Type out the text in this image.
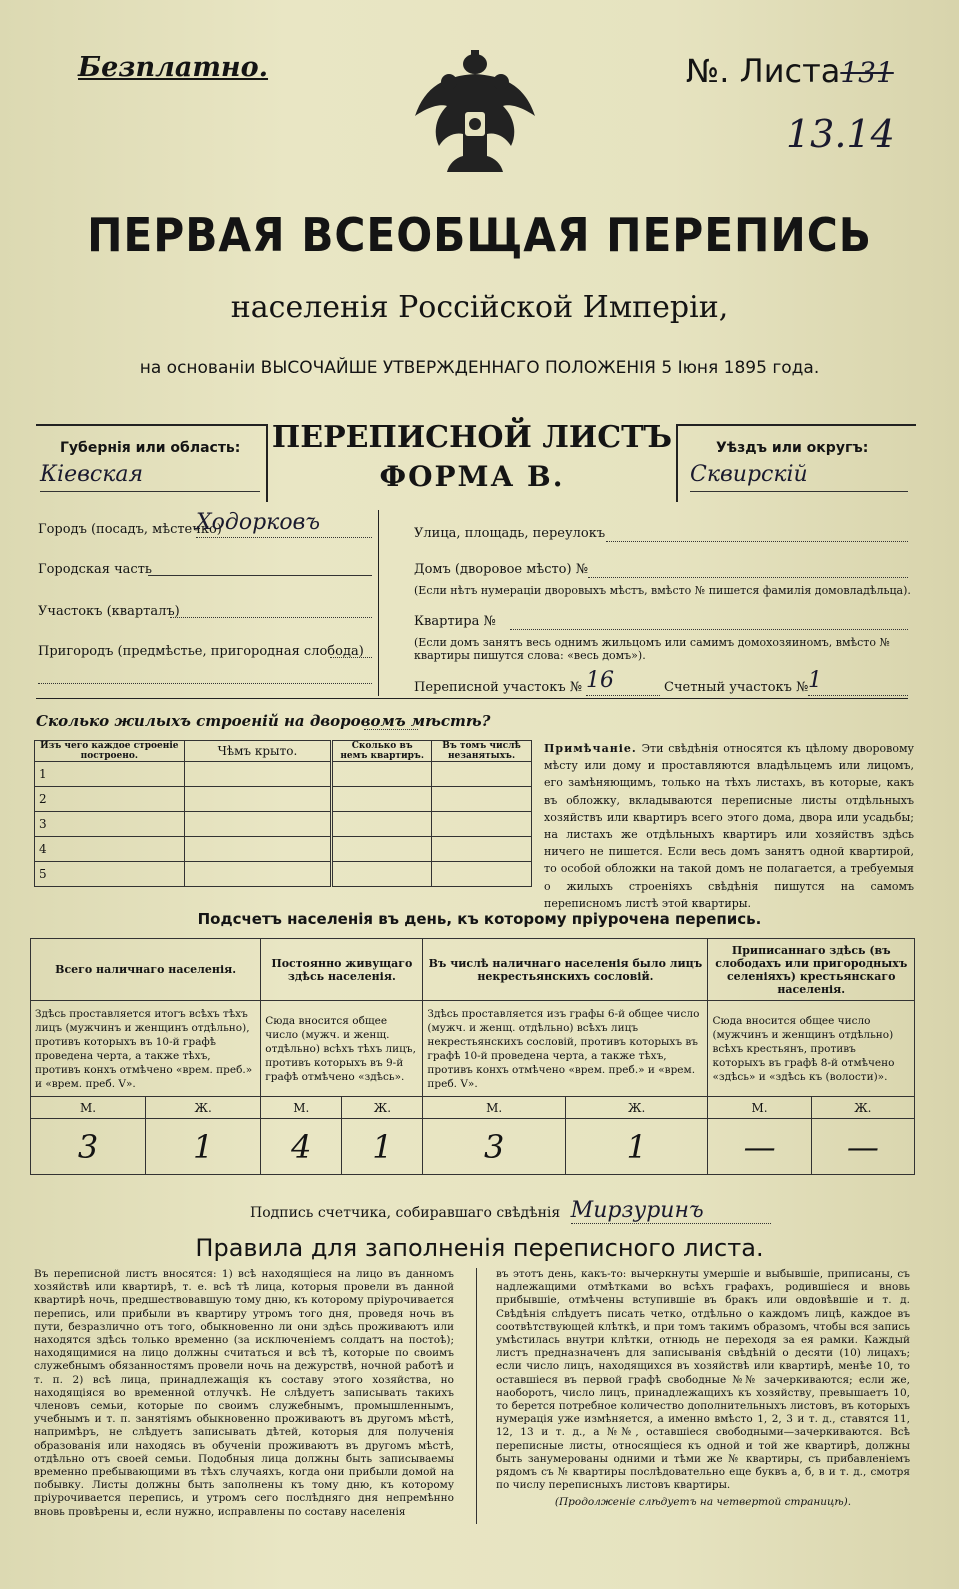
Безплатно.	№. Листа131
13.14
ПЕРВАЯ ВСЕОБЩАЯ ПЕРЕПИСЬ
населенія Россійской Имперіи,
на основаніи ВЫСОЧАЙШЕ УТВЕРЖДЕННАГО ПОЛОЖЕНІЯ 5 Іюня 1895 года.
Губернія или область:
Кіевская
ПЕРЕПИСНОЙ ЛИСТЪ
ФОРМА В.
Уѣздъ или округъ:
Сквирскій
Городъ (посадъ, мѣстечко)
Ходорковъ
Городская часть
Участокъ (кварталъ)
Пригородъ (предмѣстье, пригородная слобода)
Улица, площадь, переулокъ
Домъ (дворовое мѣсто) №
(Если нѣтъ нумераціи дворовыхъ мѣстъ, вмѣсто № пишется фамилія домовладѣльца).
Квартира №
(Если домъ занятъ весь однимъ жильцомъ или самимъ домохозяиномъ, вмѣсто № квартиры пишутся слова: «весь домъ»).
Переписной участокъ № 16	Счетный участокъ № 1
Сколько жилыхъ строеній на дворовомъ мѣстѣ?
Изъ чего каждое строеніе построено.	Чѣмъ крыто.	Сколько въ немъ квартиръ.	Въ томъ числѣ незанятыхъ.
1			
2			
3			
4			
5			
Примѣчаніе. Эти свѣдѣнія относятся къ цѣлому дворовому мѣсту или дому и проставляются владѣльцемъ или лицомъ, его замѣняющимъ, только на тѣхъ листахъ, въ которые, какъ въ обложку, вкладываются переписные листы отдѣльныхъ хозяйствъ или квартиръ всего этого дома, двора или усадьбы; на листахъ же отдѣльныхъ квартиръ или хозяйствъ здѣсь ничего не пишется. Если весь домъ занятъ одной квартирой, то особой обложки на такой домъ не полагается, а требуемыя о жилыхъ строеніяхъ свѣдѣнія пишутся на самомъ переписномъ листѣ этой квартиры.
Подсчетъ населенія въ день, къ которому пріурочена перепись.
Всего наличнаго населенія.		Постоянно живущаго здѣсь населенія.		Въ числѣ наличнаго населенія было лицъ некрестьянскихъ сословій.		Приписаннаго здѣсь (въ слободахъ или пригородныхъ селеніяхъ) крестьянскаго населенія.	
Здѣсь проставляется итогъ всѣхъ тѣхъ лицъ (мужчинъ и женщинъ отдѣльно), противъ которыхъ въ 10-й графѣ проведена черта, а также тѣхъ, противъ конхъ отмѣчено «врем. преб.» и «врем. преб. V».		Сюда вносится общее число (мужч. и женщ. отдѣльно) всѣхъ тѣхъ лицъ, противъ которыхъ въ 9-й графѣ отмѣчено «здѣсь».		Здѣсь проставляется изъ графы 6-й общее число (мужч. и женщ. отдѣльно) всѣхъ лицъ некрестьянскихъ сословій, противъ которыхъ въ графѣ 10-й проведена черта, а также тѣхъ, противъ конхъ отмѣчено «врем. преб.» и «врем. преб. V».		Сюда вносится общее число (мужчинъ и женщинъ отдѣльно) всѣхъ крестьянъ, противъ которыхъ въ графѣ 8-й отмѣчено «здѣсь» и «здѣсь къ (волости)».	
М.	Ж.	М.	Ж.	М.	Ж.	М.	Ж.
3	1	4	1	3	1	—	—
Подпись счетчика, собиравшаго свѣдѣнія Мирзуринъ
Правила для заполненія переписного листа.
Въ переписной листъ вносятся: 1) всѣ находящіеся на лицо въ данномъ хозяйствѣ или квартирѣ, т. е. всѣ тѣ лица, которыя провели въ данной квартирѣ ночь, предшествовавшую тому дню, къ которому пріурочивается перепись, или прибыли въ квартиру утромъ того дня, проведя ночь въ пути, безразлично отъ того, обыкновенно ли они здѣсь проживаютъ или находятся здѣсь только временно (за исключеніемъ солдатъ на постоѣ); находящимися на лицо должны считаться и всѣ тѣ, которые по своимъ служебнымъ обязанностямъ провели ночь на дежурствѣ, ночной работѣ и т. п. 2) всѣ лица, принадлежащія къ составу этого хозяйства, но находящіяся во временной отлучкѣ. Не слѣдуетъ записывать такихъ членовъ семьи, которые по своимъ служебнымъ, промышленнымъ, учебнымъ и т. п. занятіямъ обыкновенно проживаютъ въ другомъ мѣстѣ, напримѣръ, не слѣдуетъ записывать дѣтей, которыя для полученія образованія или находясь въ обученіи проживаютъ въ другомъ мѣстѣ, отдѣльно отъ своей семьи. Подобныя лица должны быть записываемы временно пребывающими въ тѣхъ случаяхъ, когда они прибыли домой на побывку. Листы должны быть заполнены къ тому дню, къ которому пріурочивается перепись, и утромъ сего послѣдняго дня непремѣнно вновь провѣрены и, если нужно, исправлены по составу населенія
въ этотъ день, какъ-то: вычеркнуты умершіе и выбывшіе, приписаны, съ надлежащими отмѣтками во всѣхъ графахъ, родившіеся и вновь прибывшіе, отмѣчены вступившіе въ бракъ или овдовѣвшіе и т. д. Свѣдѣнія слѣдуетъ писать четко, отдѣльно о каждомъ лицѣ, каждое въ соотвѣтствующей клѣткѣ, и при томъ такимъ образомъ, чтобы вся запись умѣстилась внутри клѣтки, отнюдь не переходя за ея рамки. Каждый листъ предназначенъ для записыванія свѣдѣній о десяти (10) лицахъ; если число лицъ, находящихся въ хозяйствѣ или квартирѣ, менѣе 10, то оставшіеся въ первой графѣ свободные №№ зачеркиваются; если же, наоборотъ, число лицъ, принадлежащихъ къ хозяйству, превышаетъ 10, то берется потребное количество дополнительныхъ листовъ, въ которыхъ нумерація уже измѣняется, а именно вмѣсто 1, 2, 3 и т. д., ставятся 11, 12, 13 и т. д., а №№, оставшіеся свободными—зачеркиваются. Всѣ переписные листы, относящіеся къ одной и той же квартирѣ, должны быть занумерованы одними и тѣми же № квартиры, съ прибавленіемъ рядомъ съ № квартиры послѣдовательно еще буквъ а, б, в и т. д., смотря по числу переписныхъ листовъ квартиры.
(Продолженіе слѣдуетъ на четвертой страницѣ).
